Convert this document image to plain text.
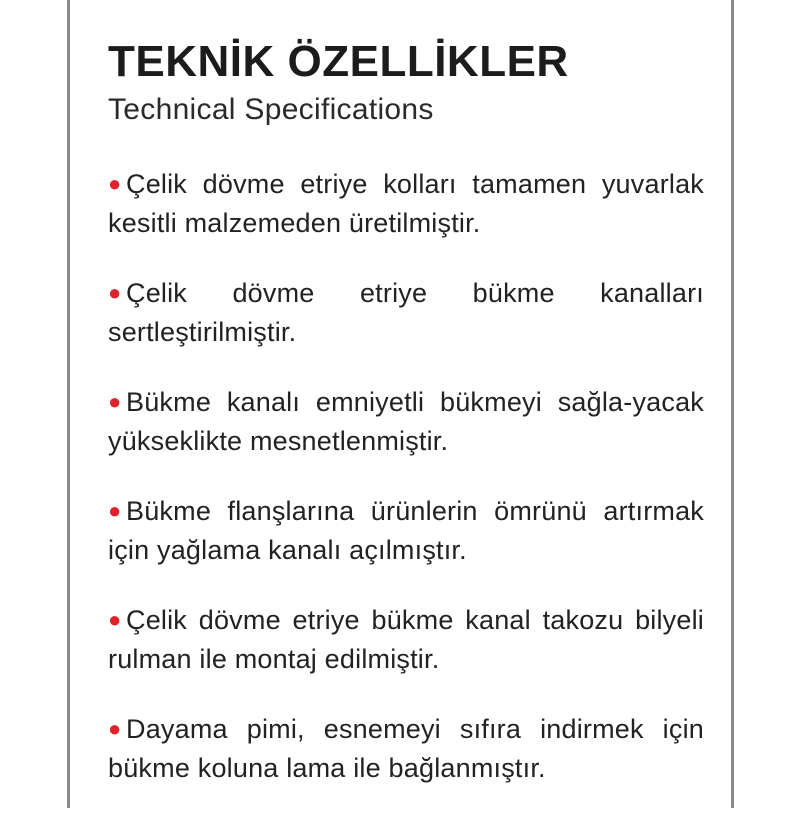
TEKNİK ÖZELLİKLER
Technical Specifications
● Çelik dövme etriye kolları tamamen yuvarlak kesitli malzemeden üretilmiştir.
● Çelik dövme etriye bükme kanalları sertleştirilmiştir.
● Bükme kanalı emniyetli bükmeyi sağla-yacak yükseklikte mesnetlenmiştir.
● Bükme flanşlarına ürünlerin ömrünü artırmak için yağlama kanalı açılmıştır.
● Çelik dövme etriye bükme kanal takozu bilyeli rulman ile montaj edilmiştir.
● Dayama pimi, esnemeyi sıfıra indirmek için bükme koluna lama ile bağlanmıştır.
